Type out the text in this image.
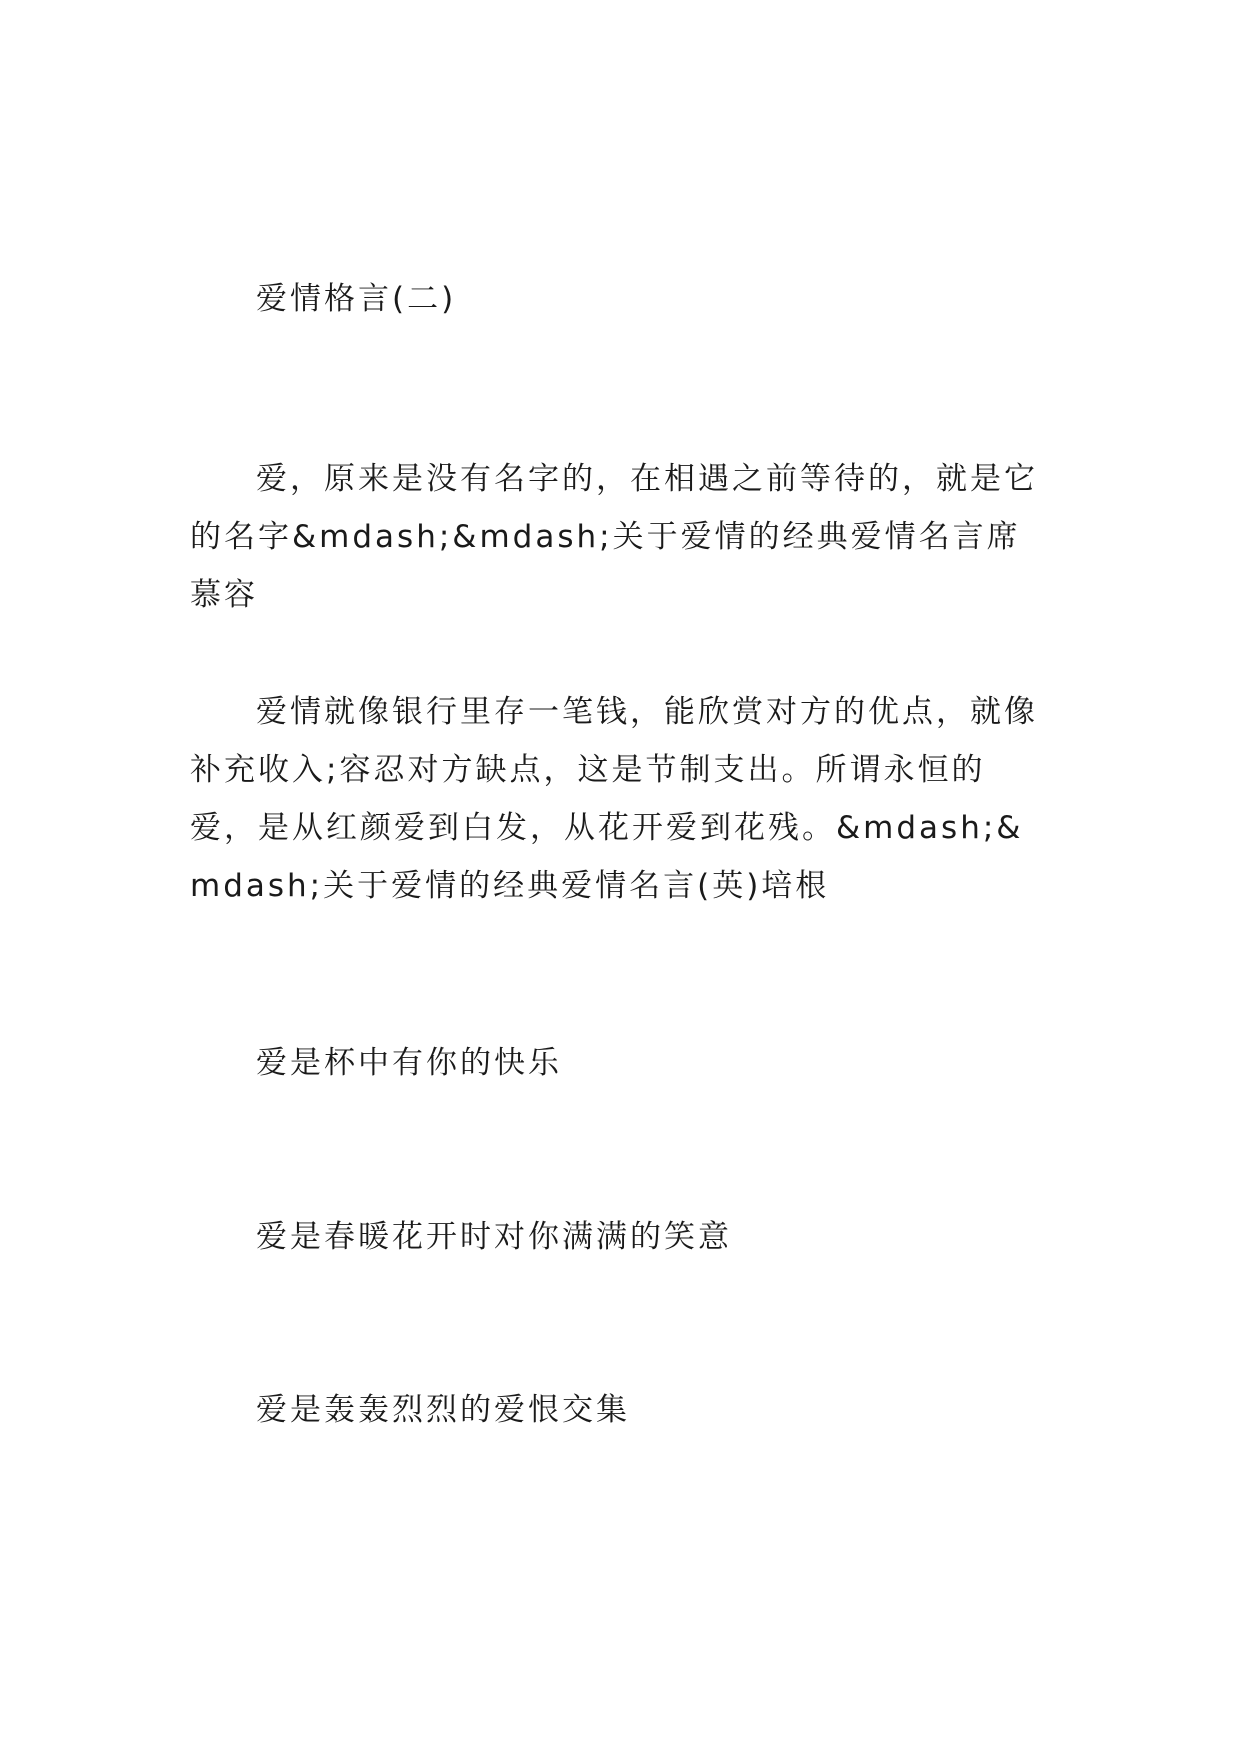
爱情格言(二)

爱，原来是没有名字的，在相遇之前等待的，就是它的名字&mdash;&mdash;关于爱情的经典爱情名言席慕容

爱情就像银行里存一笔钱，能欣赏对方的优点，就像补充收入;容忍对方缺点，这是节制支出。所谓永恒的爱，是从红颜爱到白发，从花开爱到花残。&mdash;&mdash;关于爱情的经典爱情名言(英)培根

爱是杯中有你的快乐

爱是春暖花开时对你满满的笑意

爱是轰轰烈烈的爱恨交集
